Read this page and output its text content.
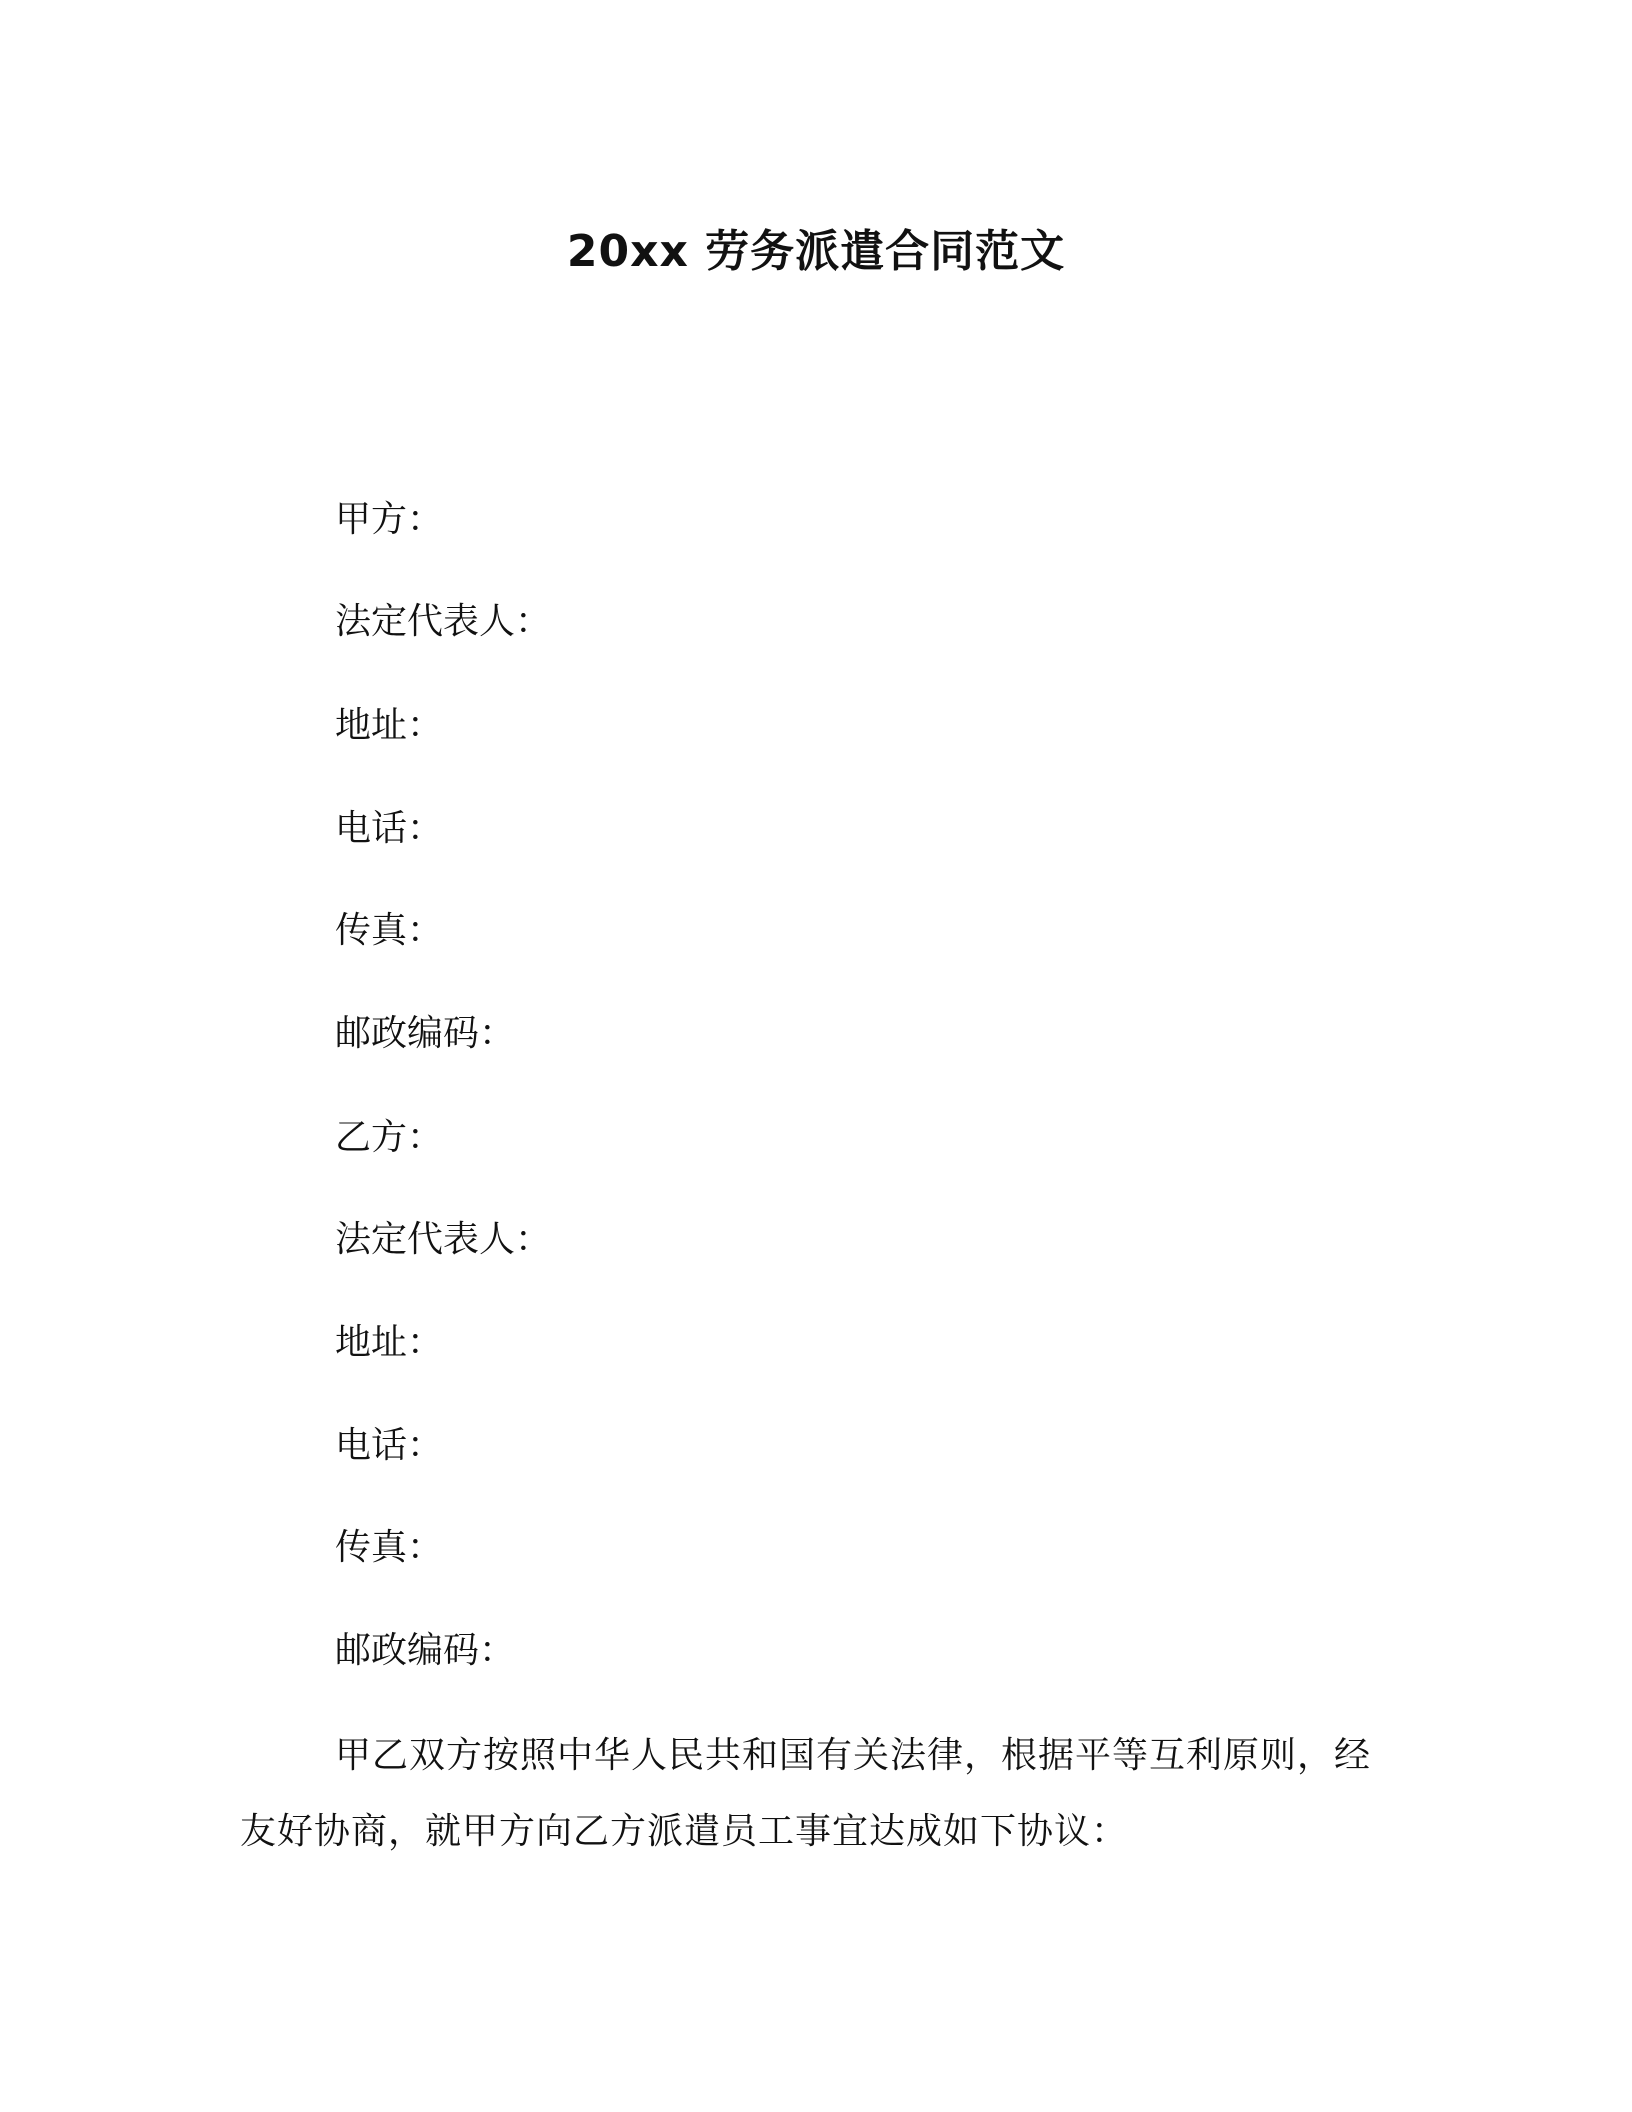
20xx 劳务派遣合同范文
甲方：
法定代表人：
地址：
电话：
传真：
邮政编码：
乙方：
法定代表人：
地址：
电话：
传真：
邮政编码：

甲乙双方按照中华人民共和国有关法律，根据平等互利原则，经友好协商，就甲方向乙方派遣员工事宜达成如下协议：
